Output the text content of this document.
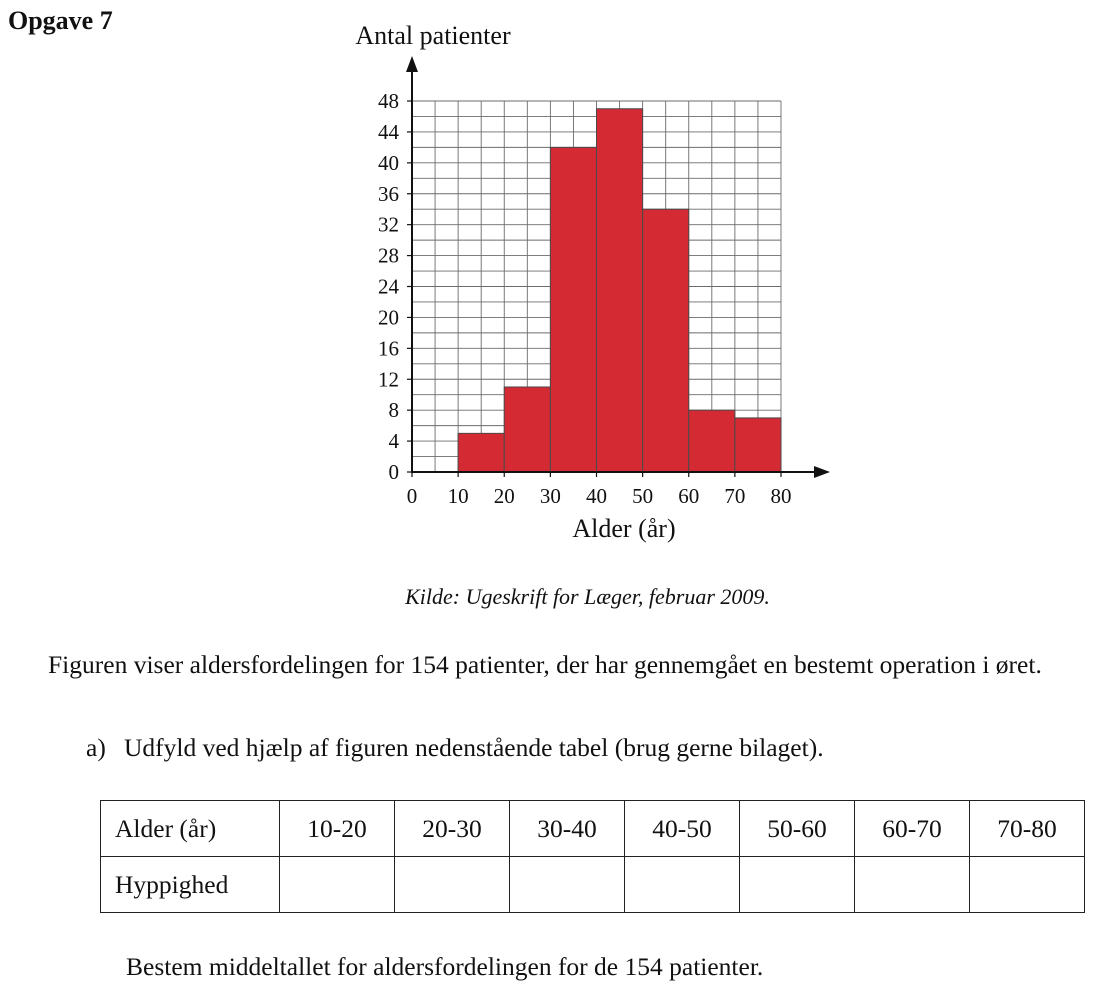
Opgave 7
0
4
8
12
16
20
24
28
32
36
40
44
48
0 10 20 30 40 50 60 70 80
Antal patienter
Alder (år)
Kilde: Ugeskrift for Læger, februar 2009.
Figuren viser aldersfordelingen for 154 patienter, der har gennemgået en bestemt operation i øret.
a) Udfyld ved hjælp af figuren nedenstående tabel (brug gerne bilaget).
Alder (år)	10-20	20-30	30-40	40-50	50-60	60-70	70-80
Hyppighed							
Bestem middeltallet for aldersfordelingen for de 154 patienter.
